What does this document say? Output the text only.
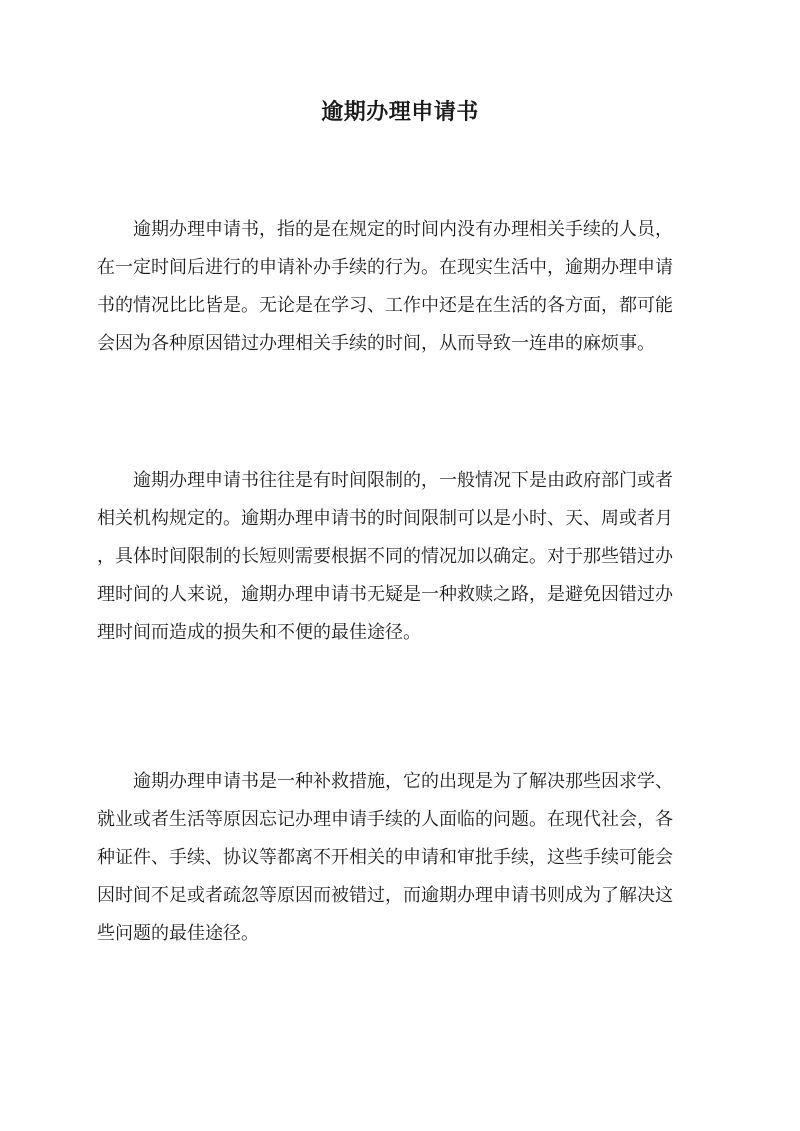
逾期办理申请书
逾期办理申请书，指的是在规定的时间内没有办理相关手续的人员，
在一定时间后进行的申请补办手续的行为。在现实生活中，逾期办理申请
书的情况比比皆是。无论是在学习、工作中还是在生活的各方面，都可能
会因为各种原因错过办理相关手续的时间，从而导致一连串的麻烦事。
逾期办理申请书往往是有时间限制的，一般情况下是由政府部门或者
相关机构规定的。逾期办理申请书的时间限制可以是小时、天、周或者月
，具体时间限制的长短则需要根据不同的情况加以确定。对于那些错过办
理时间的人来说，逾期办理申请书无疑是一种救赎之路，是避免因错过办
理时间而造成的损失和不便的最佳途径。
逾期办理申请书是一种补救措施，它的出现是为了解决那些因求学、
就业或者生活等原因忘记办理申请手续的人面临的问题。在现代社会，各
种证件、手续、协议等都离不开相关的申请和审批手续，这些手续可能会
因时间不足或者疏忽等原因而被错过，而逾期办理申请书则成为了解决这
些问题的最佳途径。
